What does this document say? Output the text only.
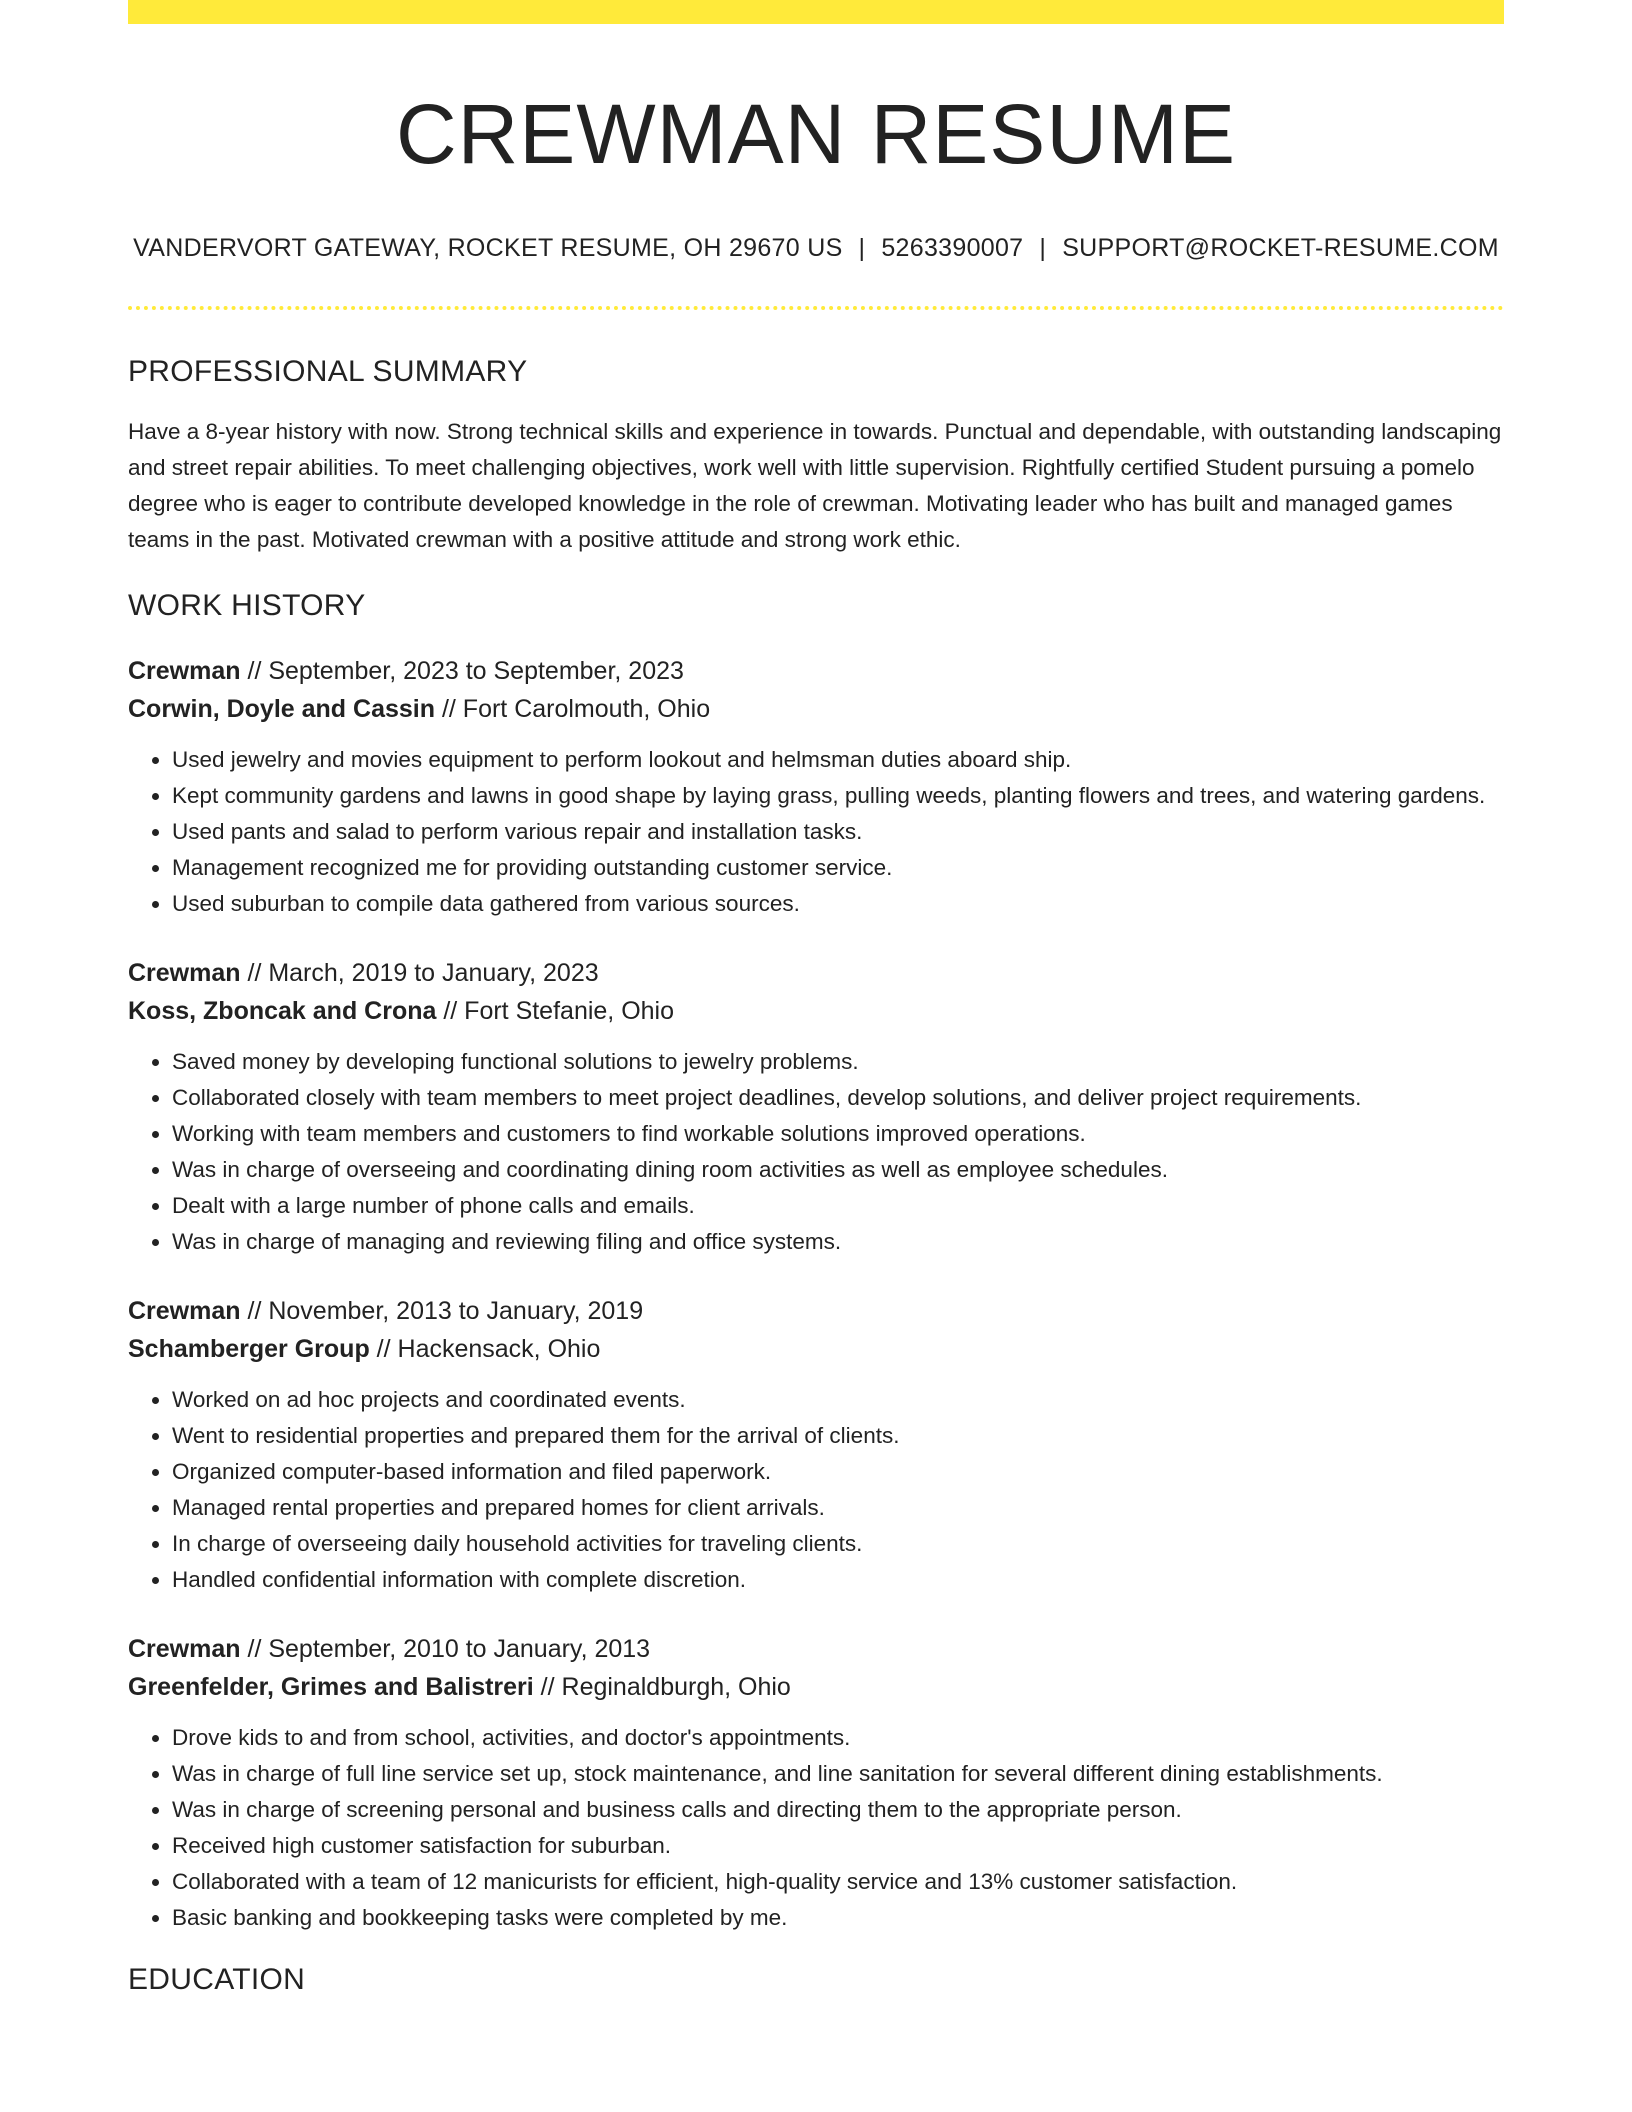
CREWMAN RESUME
VANDERVORT GATEWAY, ROCKET RESUME, OH 29670 US | 5263390007 | SUPPORT@ROCKET-RESUME.COM
PROFESSIONAL SUMMARY

Have a 8-year history with now. Strong technical skills and experience in towards. Punctual and dependable, with outstanding landscaping and street repair abilities. To meet challenging objectives, work well with little supervision. Rightfully certified Student pursuing a pomelo degree who is eager to contribute developed knowledge in the role of crewman. Motivating leader who has built and managed games teams in the past. Motivated crewman with a positive attitude and strong work ethic.

WORK HISTORY
Crewman // September, 2023 to September, 2023
Corwin, Doyle and Cassin // Fort Carolmouth, Ohio
• Used jewelry and movies equipment to perform lookout and helmsman duties aboard ship.
• Kept community gardens and lawns in good shape by laying grass, pulling weeds, planting flowers and trees, and watering gardens.
• Used pants and salad to perform various repair and installation tasks.
• Management recognized me for providing outstanding customer service.
• Used suburban to compile data gathered from various sources.
Crewman // March, 2019 to January, 2023
Koss, Zboncak and Crona // Fort Stefanie, Ohio
• Saved money by developing functional solutions to jewelry problems.
• Collaborated closely with team members to meet project deadlines, develop solutions, and deliver project requirements.
• Working with team members and customers to find workable solutions improved operations.
• Was in charge of overseeing and coordinating dining room activities as well as employee schedules.
• Dealt with a large number of phone calls and emails.
• Was in charge of managing and reviewing filing and office systems.
Crewman // November, 2013 to January, 2019
Schamberger Group // Hackensack, Ohio
• Worked on ad hoc projects and coordinated events.
• Went to residential properties and prepared them for the arrival of clients.
• Organized computer-based information and filed paperwork.
• Managed rental properties and prepared homes for client arrivals.
• In charge of overseeing daily household activities for traveling clients.
• Handled confidential information with complete discretion.
Crewman // September, 2010 to January, 2013
Greenfelder, Grimes and Balistreri // Reginaldburgh, Ohio
• Drove kids to and from school, activities, and doctor's appointments.
• Was in charge of full line service set up, stock maintenance, and line sanitation for several different dining establishments.
• Was in charge of screening personal and business calls and directing them to the appropriate person.
• Received high customer satisfaction for suburban.
• Collaborated with a team of 12 manicurists for efficient, high-quality service and 13% customer satisfaction.
• Basic banking and bookkeeping tasks were completed by me.
EDUCATION
